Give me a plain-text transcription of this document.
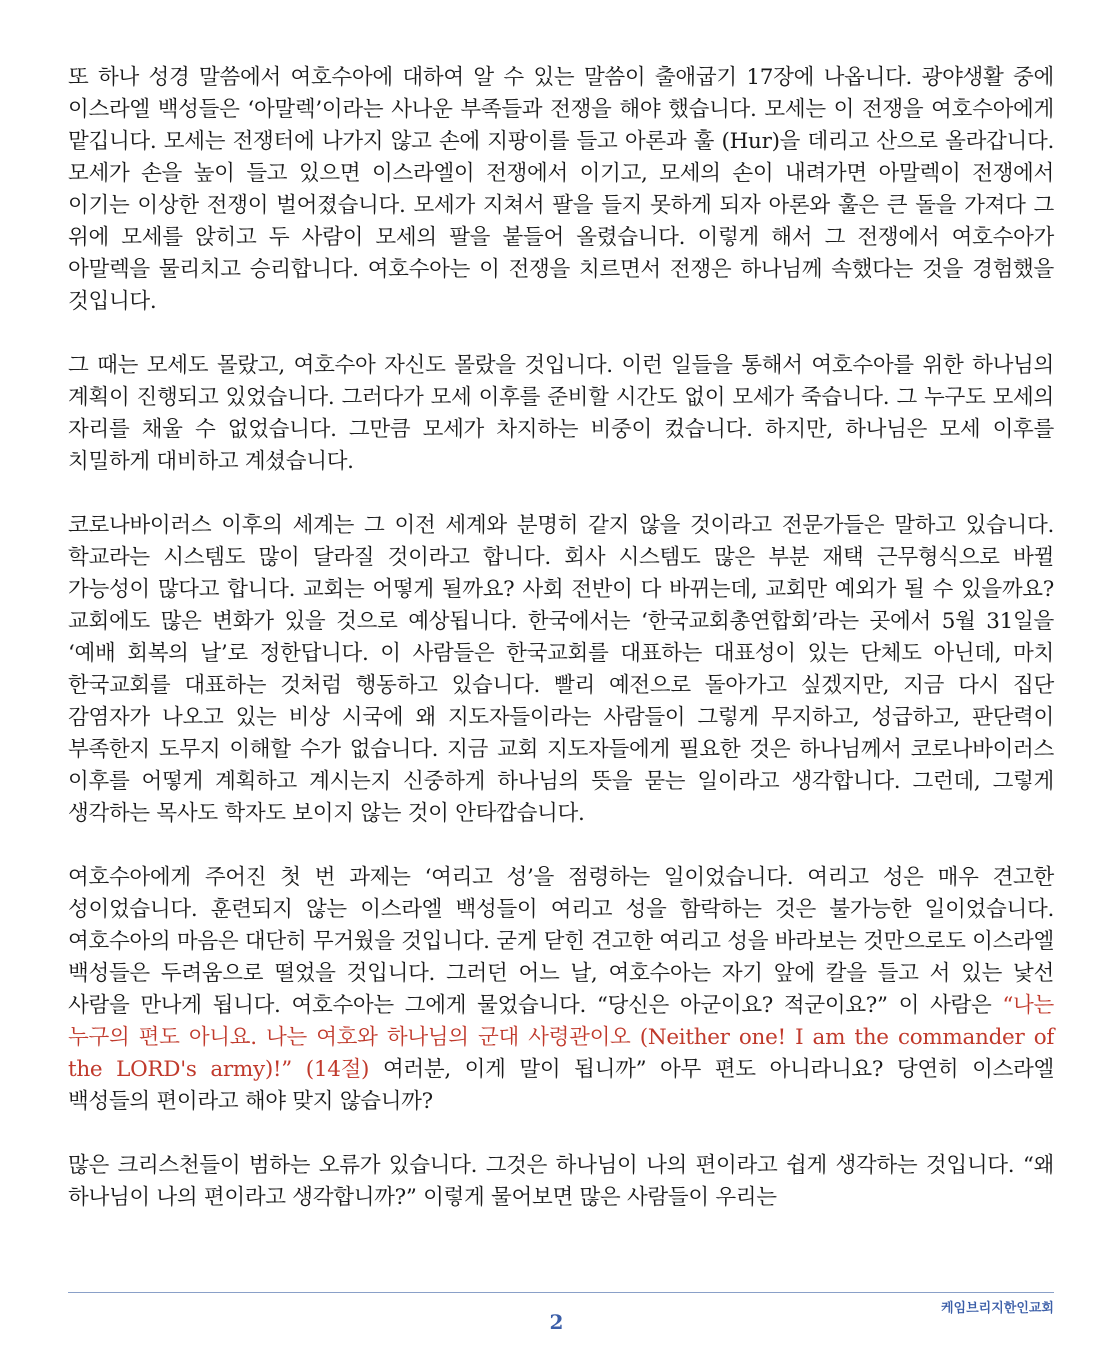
또 하나 성경 말씀에서 여호수아에 대하여 알 수 있는 말씀이 출애굽기 17장에 나옵니다. 광야생활 중에 이스라엘 백성들은 ‘아말렉’이라는 사나운 부족들과 전쟁을 해야 했습니다. 모세는 이 전쟁을 여호수아에게 맡깁니다. 모세는 전쟁터에 나가지 않고 손에 지팡이를 들고 아론과 훌 (Hur)을 데리고 산으로 올라갑니다. 모세가 손을 높이 들고 있으면 이스라엘이 전쟁에서 이기고, 모세의 손이 내려가면 아말렉이 전쟁에서 이기는 이상한 전쟁이 벌어졌습니다. 모세가 지쳐서 팔을 들지 못하게 되자 아론와 훌은 큰 돌을 가져다 그 위에 모세를 앉히고 두 사람이 모세의 팔을 붙들어 올렸습니다. 이렇게 해서 그 전쟁에서 여호수아가 아말렉을 물리치고 승리합니다. 여호수아는 이 전쟁을 치르면서 전쟁은 하나님께 속했다는 것을 경험했을 것입니다.

그 때는 모세도 몰랐고, 여호수아 자신도 몰랐을 것입니다. 이런 일들을 통해서 여호수아를 위한 하나님의 계획이 진행되고 있었습니다. 그러다가 모세 이후를 준비할 시간도 없이 모세가 죽습니다. 그 누구도 모세의 자리를 채울 수 없었습니다. 그만큼 모세가 차지하는 비중이 컸습니다. 하지만, 하나님은 모세 이후를 치밀하게 대비하고 계셨습니다.

코로나바이러스 이후의 세계는 그 이전 세계와 분명히 같지 않을 것이라고 전문가들은 말하고 있습니다. 학교라는 시스템도 많이 달라질 것이라고 합니다. 회사 시스템도 많은 부분 재택 근무형식으로 바뀔 가능성이 많다고 합니다. 교회는 어떻게 될까요? 사회 전반이 다 바뀌는데, 교회만 예외가 될 수 있을까요? 교회에도 많은 변화가 있을 것으로 예상됩니다. 한국에서는 ‘한국교회총연합회’라는 곳에서 5월 31일을 ‘예배 회복의 날’로 정한답니다. 이 사람들은 한국교회를 대표하는 대표성이 있는 단체도 아닌데, 마치 한국교회를 대표하는 것처럼 행동하고 있습니다. 빨리 예전으로 돌아가고 싶겠지만, 지금 다시 집단 감염자가 나오고 있는 비상 시국에 왜 지도자들이라는 사람들이 그렇게 무지하고, 성급하고, 판단력이 부족한지 도무지 이해할 수가 없습니다. 지금 교회 지도자들에게 필요한 것은 하나님께서 코로나바이러스 이후를 어떻게 계획하고 계시는지 신중하게 하나님의 뜻을 묻는 일이라고 생각합니다. 그런데, 그렇게 생각하는 목사도 학자도 보이지 않는 것이 안타깝습니다.

여호수아에게 주어진 첫 번 과제는 ‘여리고 성’을 점령하는 일이었습니다. 여리고 성은 매우 견고한 성이었습니다. 훈련되지 않는 이스라엘 백성들이 여리고 성을 함락하는 것은 불가능한 일이었습니다. 여호수아의 마음은 대단히 무거웠을 것입니다. 굳게 닫힌 견고한 여리고 성을 바라보는 것만으로도 이스라엘 백성들은 두려움으로 떨었을 것입니다. 그러던 어느 날, 여호수아는 자기 앞에 칼을 들고 서 있는 낯선 사람을 만나게 됩니다. 여호수아는 그에게 물었습니다. “당신은 아군이요? 적군이요?” 이 사람은 “나는 누구의 편도 아니요. 나는 여호와 하나님의 군대 사령관이오 (Neither one! I am the commander of the LORD's army)!” (14절) 여러분, 이게 말이 됩니까” 아무 편도 아니라니요? 당연히 이스라엘 백성들의 편이라고 해야 맞지 않습니까?

많은 크리스천들이 범하는 오류가 있습니다. 그것은 하나님이 나의 편이라고 쉽게 생각하는 것입니다. “왜 하나님이 나의 편이라고 생각합니까?” 이렇게 물어보면 많은 사람들이 우리는

케임브리지한인교회
2
